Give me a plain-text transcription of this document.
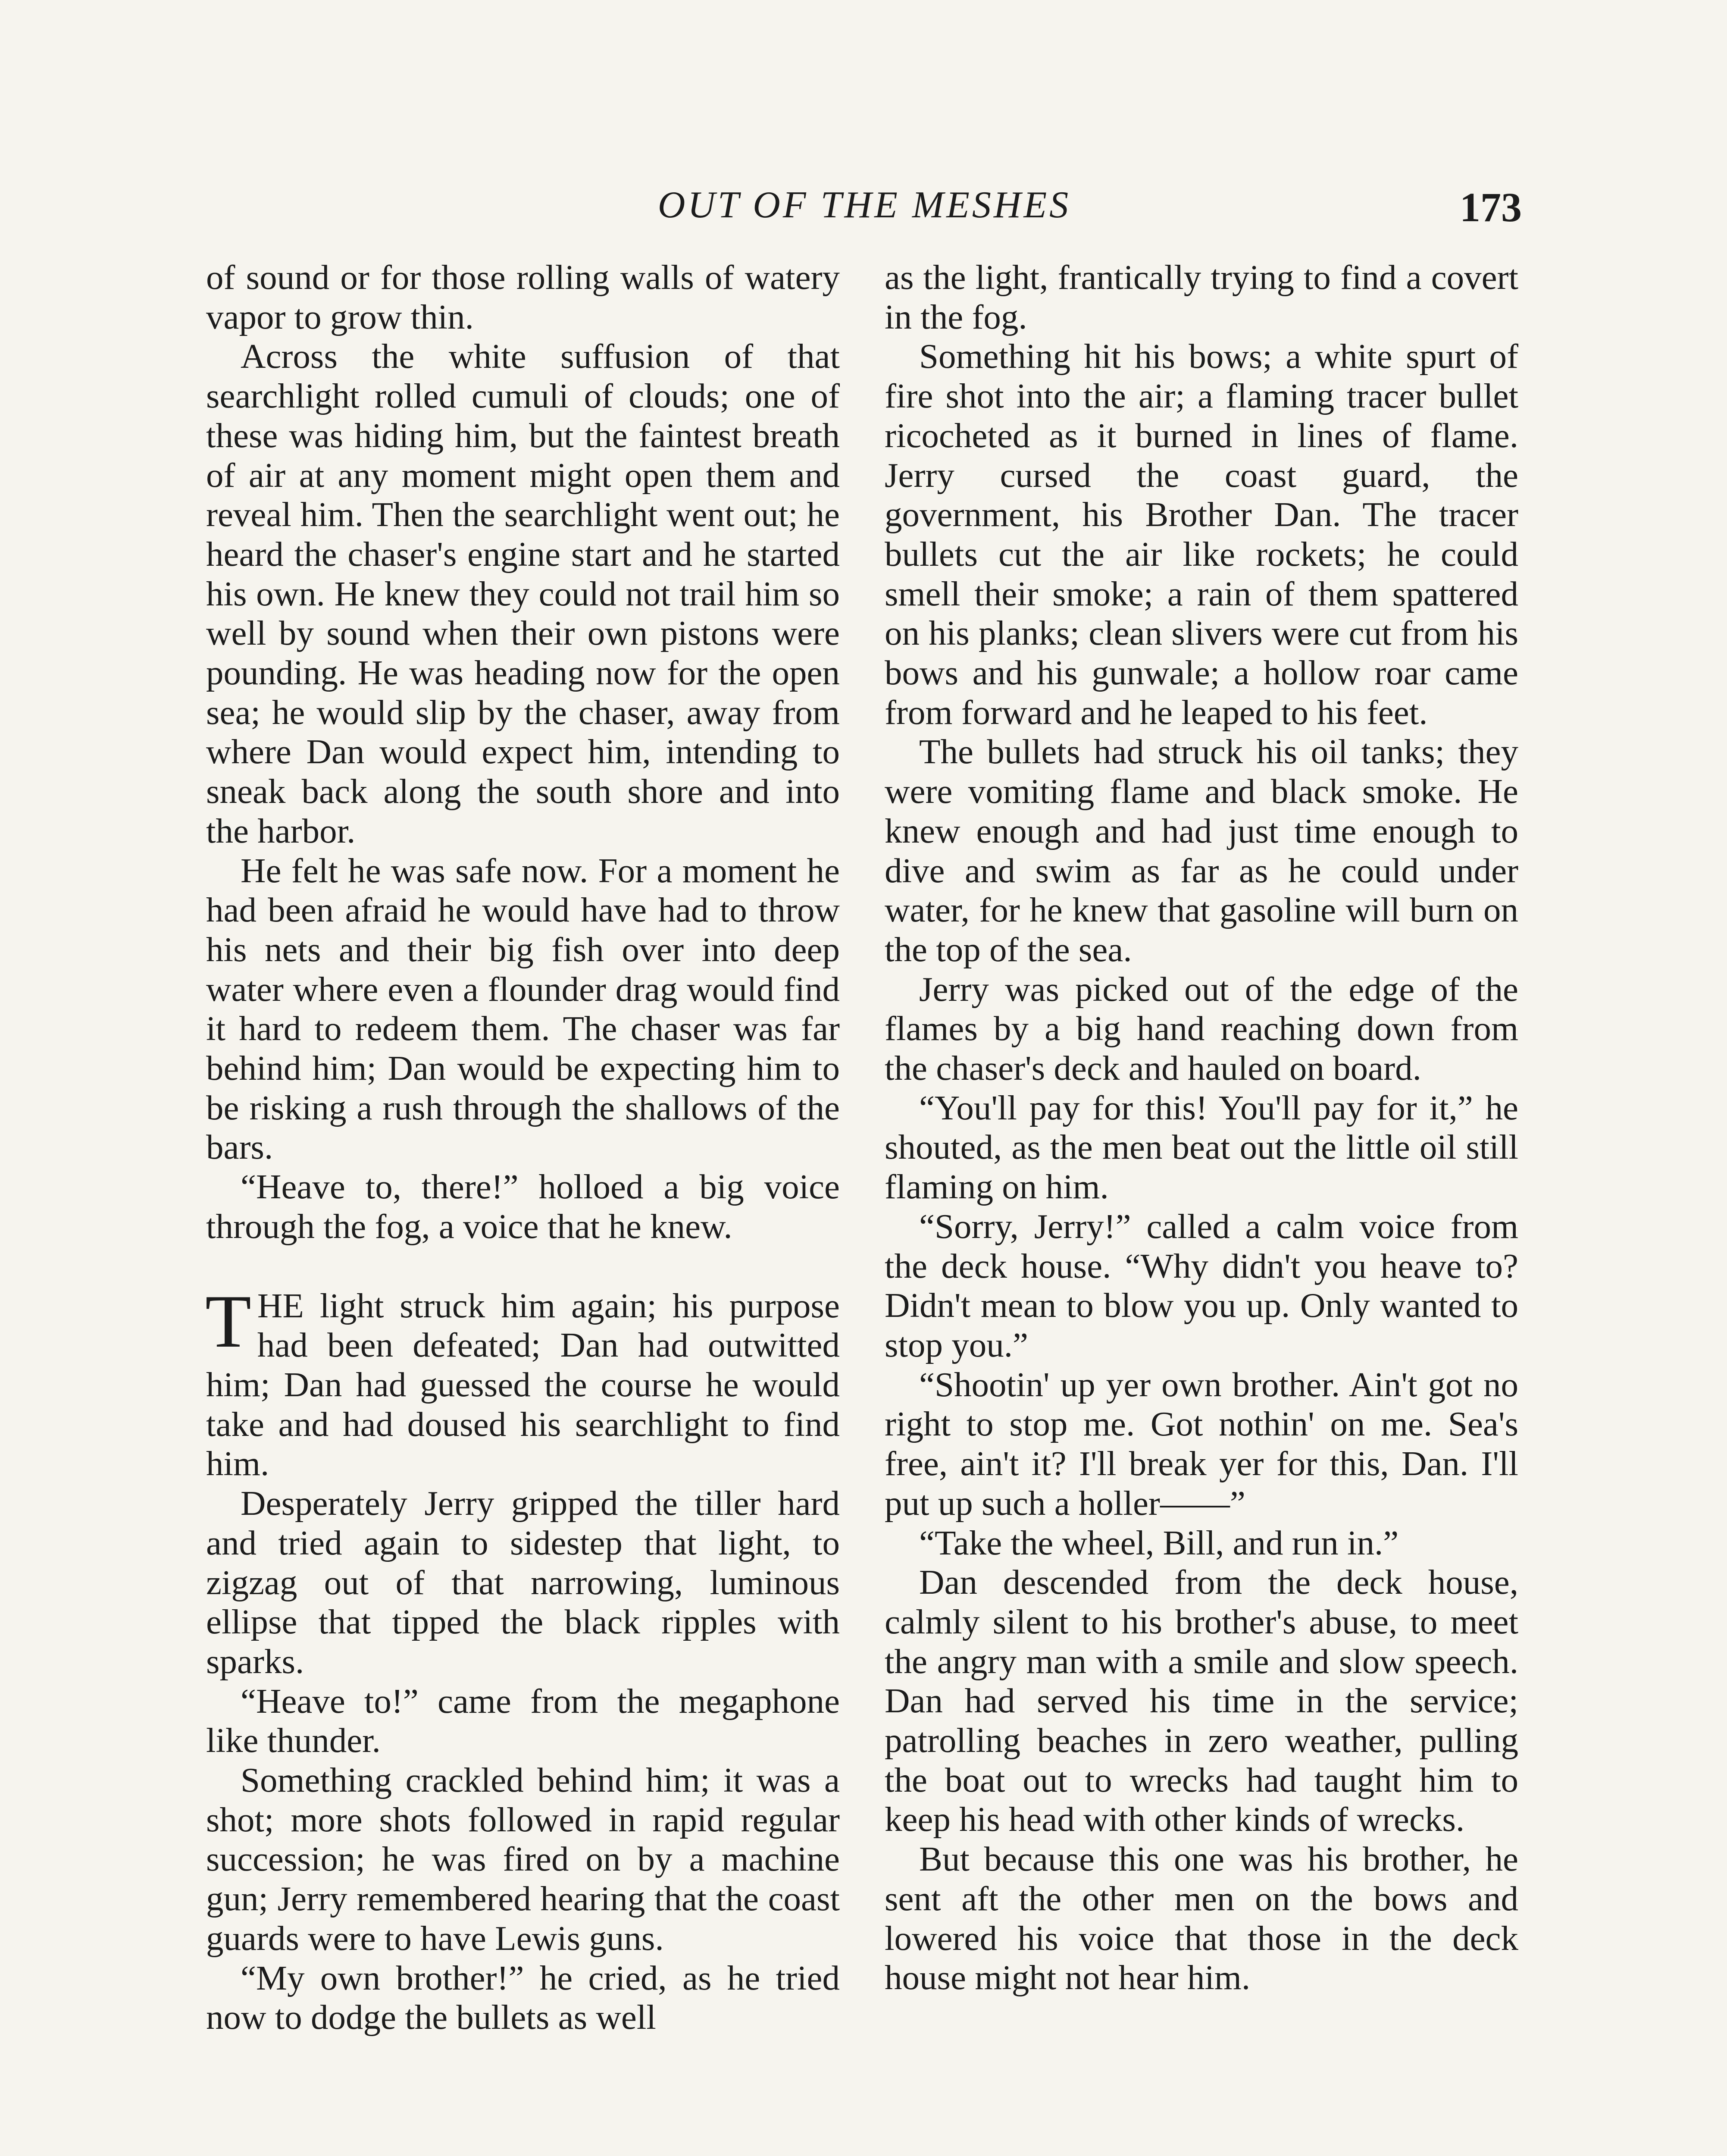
OUT OF THE MESHES	173

of sound or for those rolling walls of watery vapor to grow thin.

Across the white suffusion of that searchlight rolled cumuli of clouds; one of these was hiding him, but the faintest breath of air at any moment might open them and reveal him. Then the searchlight went out; he heard the chaser's engine start and he started his own. He knew they could not trail him so well by sound when their own pistons were pounding. He was heading now for the open sea; he would slip by the chaser, away from where Dan would expect him, intending to sneak back along the south shore and into the harbor.

He felt he was safe now. For a moment he had been afraid he would have had to throw his nets and their big fish over into deep water where even a flounder drag would find it hard to redeem them. The chaser was far behind him; Dan would be expecting him to be risking a rush through the shallows of the bars.

“Heave to, there!” holloed a big voice through the fog, a voice that he knew.

THE light struck him again; his purpose had been defeated; Dan had outwitted him; Dan had guessed the course he would take and had doused his searchlight to find him.

Desperately Jerry gripped the tiller hard and tried again to sidestep that light, to zigzag out of that narrowing, luminous ellipse that tipped the black ripples with sparks.

“Heave to!” came from the megaphone like thunder.

Something crackled behind him; it was a shot; more shots followed in rapid regular succession; he was fired on by a machine gun; Jerry remembered hearing that the coast guards were to have Lewis guns.

“My own brother!” he cried, as he tried now to dodge the bullets as well

as the light, frantically trying to find a covert in the fog.

Something hit his bows; a white spurt of fire shot into the air; a flaming tracer bullet ricocheted as it burned in lines of flame. Jerry cursed the coast guard, the government, his Brother Dan. The tracer bullets cut the air like rockets; he could smell their smoke; a rain of them spattered on his planks; clean slivers were cut from his bows and his gunwale; a hollow roar came from forward and he leaped to his feet.

The bullets had struck his oil tanks; they were vomiting flame and black smoke. He knew enough and had just time enough to dive and swim as far as he could under water, for he knew that gasoline will burn on the top of the sea.

Jerry was picked out of the edge of the flames by a big hand reaching down from the chaser's deck and hauled on board.

“You'll pay for this! You'll pay for it,” he shouted, as the men beat out the little oil still flaming on him.

“Sorry, Jerry!” called a calm voice from the deck house. “Why didn't you heave to? Didn't mean to blow you up. Only wanted to stop you.”

“Shootin' up yer own brother. Ain't got no right to stop me. Got nothin' on me. Sea's free, ain't it? I'll break yer for this, Dan. I'll put up such a holler——”

“Take the wheel, Bill, and run in.”

Dan descended from the deck house, calmly silent to his brother's abuse, to meet the angry man with a smile and slow speech. Dan had served his time in the service; patrolling beaches in zero weather, pulling the boat out to wrecks had taught him to keep his head with other kinds of wrecks.

But because this one was his brother, he sent aft the other men on the bows and lowered his voice that those in the deck house might not hear him.
